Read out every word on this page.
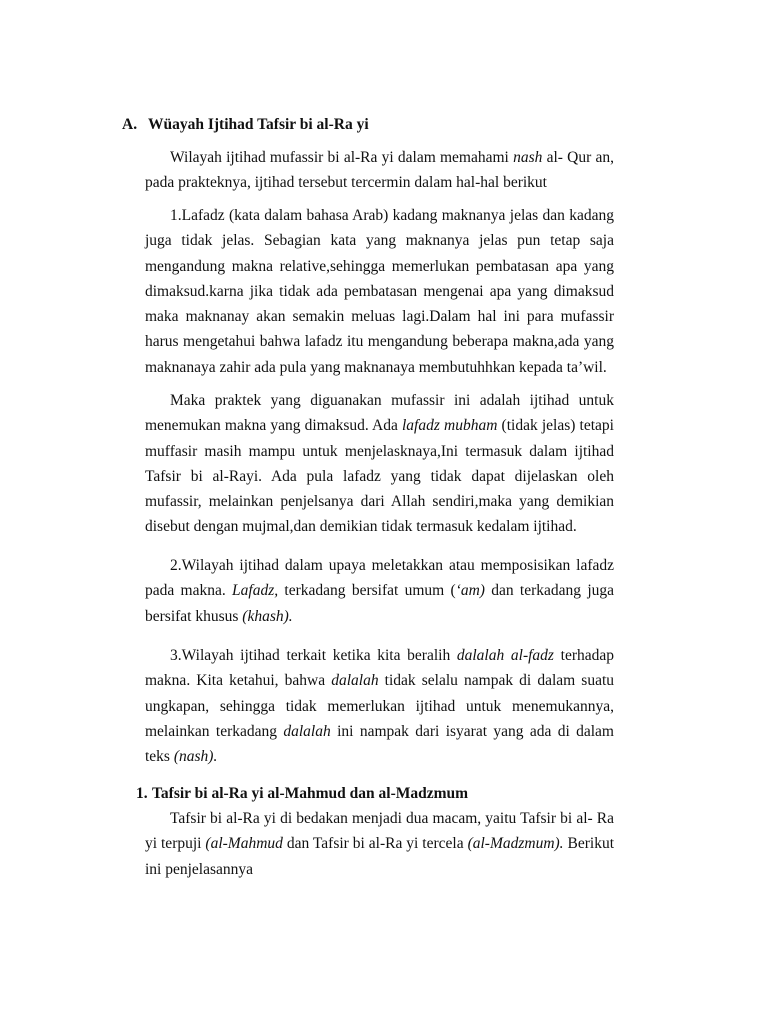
A. Wüayah Ijtihad Tafsir bi al-Ra yi

Wilayah ijtihad mufassir bi al-Ra yi dalam memahami nash al- Qur an, pada prakteknya, ijtihad tersebut tercermin dalam hal-hal berikut

1.Lafadz (kata dalam bahasa Arab) kadang maknanya jelas dan kadang juga tidak jelas. Sebagian kata yang maknanya jelas pun tetap saja mengandung makna relative,sehingga memerlukan pembatasan apa yang dimaksud.karna jika tidak ada pembatasan mengenai apa yang dimaksud maka maknanay akan semakin meluas lagi.Dalam hal ini para mufassir harus mengetahui bahwa lafadz itu mengandung beberapa makna,ada yang maknanaya zahir ada pula yang maknanaya membutuhhkan kepada ta’wil.

Maka praktek yang diguanakan mufassir ini adalah ijtihad untuk menemukan makna yang dimaksud. Ada lafadz mubham (tidak jelas) tetapi muffasir masih mampu untuk menjelasknaya,Ini termasuk dalam ijtihad Tafsir bi al-Rayi. Ada pula lafadz yang tidak dapat dijelaskan oleh mufassir, melainkan penjelsanya dari Allah sendiri,maka yang demikian disebut dengan mujmal,dan demikian tidak termasuk kedalam ijtihad.

2.Wilayah ijtihad dalam upaya meletakkan atau memposisikan lafadz pada makna. Lafadz, terkadang bersifat umum (‘am) dan terkadang juga bersifat khusus (khash).

3.Wilayah ijtihad terkait ketika kita beralih dalalah al-fadz terhadap makna. Kita ketahui, bahwa dalalah tidak selalu nampak di dalam suatu ungkapan, sehingga tidak memerlukan ijtihad untuk menemukannya, melainkan terkadang dalalah ini nampak dari isyarat yang ada di dalam teks (nash).

1. Tafsir bi al-Ra yi al-Mahmud dan al-Madzmum

Tafsir bi al-Ra yi di bedakan menjadi dua macam, yaitu Tafsir bi al- Ra yi terpuji (al-Mahmud dan Tafsir bi al-Ra yi tercela (al-Madzmum). Berikut ini penjelasannya
